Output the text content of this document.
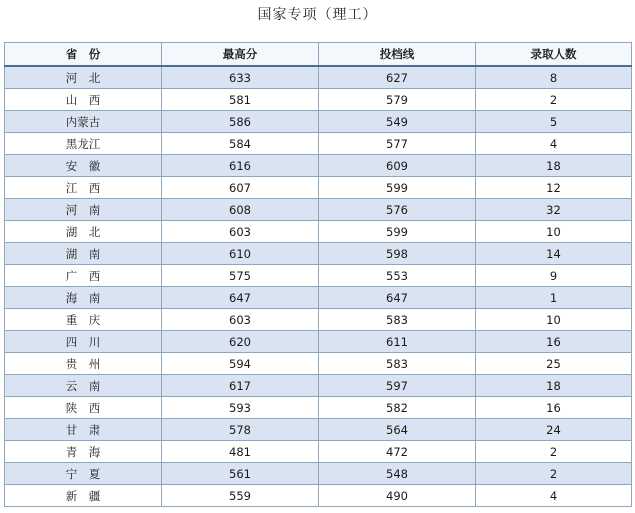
国家专项（理工）
省　份	最高分	投档线	录取人数
河　北	633	627	8
山　西	581	579	2
内蒙古	586	549	5
黑龙江	584	577	4
安　徽	616	609	18
江　西	607	599	12
河　南	608	576	32
湖　北	603	599	10
湖　南	610	598	14
广　西	575	553	9
海　南	647	647	1
重　庆	603	583	10
四　川	620	611	16
贵　州	594	583	25
云　南	617	597	18
陕　西	593	582	16
甘　肃	578	564	24
青　海	481	472	2
宁　夏	561	548	2
新　疆	559	490	4
